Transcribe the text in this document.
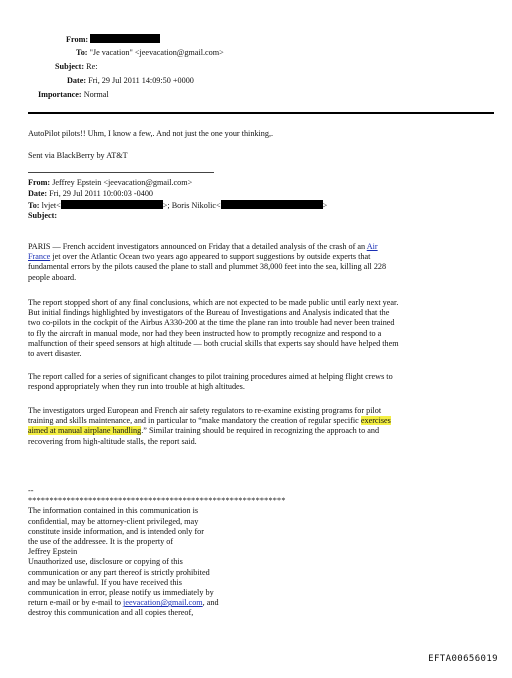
From:
To: "Je vacation" <jeevacation@gmail.com>
Subject: Re:
Date: Fri, 29 Jul 2011 14:09:50 +0000
Importance: Normal
AutoPilot pilots!! Uhm, I know a few,. And not just the one your thinking,.
Sent via BlackBerry by AT&T
From: Jeffrey Epstein <jeevacation@gmail.com>
Date: Fri, 29 Jul 2011 10:00:03 -0400
To: lvjet<	>; Boris Nikolic<	>
Subject:
PARIS — French accident investigators announced on Friday that a detailed analysis of the crash of an Air
France jet over the Atlantic Ocean two years ago appeared to support suggestions by outside experts that
fundamental errors by the pilots caused the plane to stall and plummet 38,000 feet into the sea, killing all 228
people aboard.
The report stopped short of any final conclusions, which are not expected to be made public until early next year.
But initial findings highlighted by investigators of the Bureau of Investigations and Analysis indicated that the
two co-pilots in the cockpit of the Airbus A330-200 at the time the plane ran into trouble had never been trained
to fly the aircraft in manual mode, nor had they been instructed how to promptly recognize and respond to a
malfunction of their speed sensors at high altitude — both crucial skills that experts say should have helped them
to avert disaster.
The report called for a series of significant changes to pilot training procedures aimed at helping flight crews to
respond appropriately when they run into trouble at high altitudes.
The investigators urged European and French air safety regulators to re-examine existing programs for pilot
training and skills maintenance, and in particular to “make mandatory the creation of regular specific exercises
aimed at manual airplane handling.” Similar training should be required in recognizing the approach to and
recovering from high-altitude stalls, the report said.
--
************************************************************
The information contained in this communication is
confidential, may be attorney-client privileged, may
constitute inside information, and is intended only for
the use of the addressee. It is the property of
Jeffrey Epstein
Unauthorized use, disclosure or copying of this
communication or any part thereof is strictly prohibited
and may be unlawful. If you have received this
communication in error, please notify us immediately by
return e-mail or by e-mail to jeevacation@gmail.com, and
destroy this communication and all copies thereof,
EFTA00656019
